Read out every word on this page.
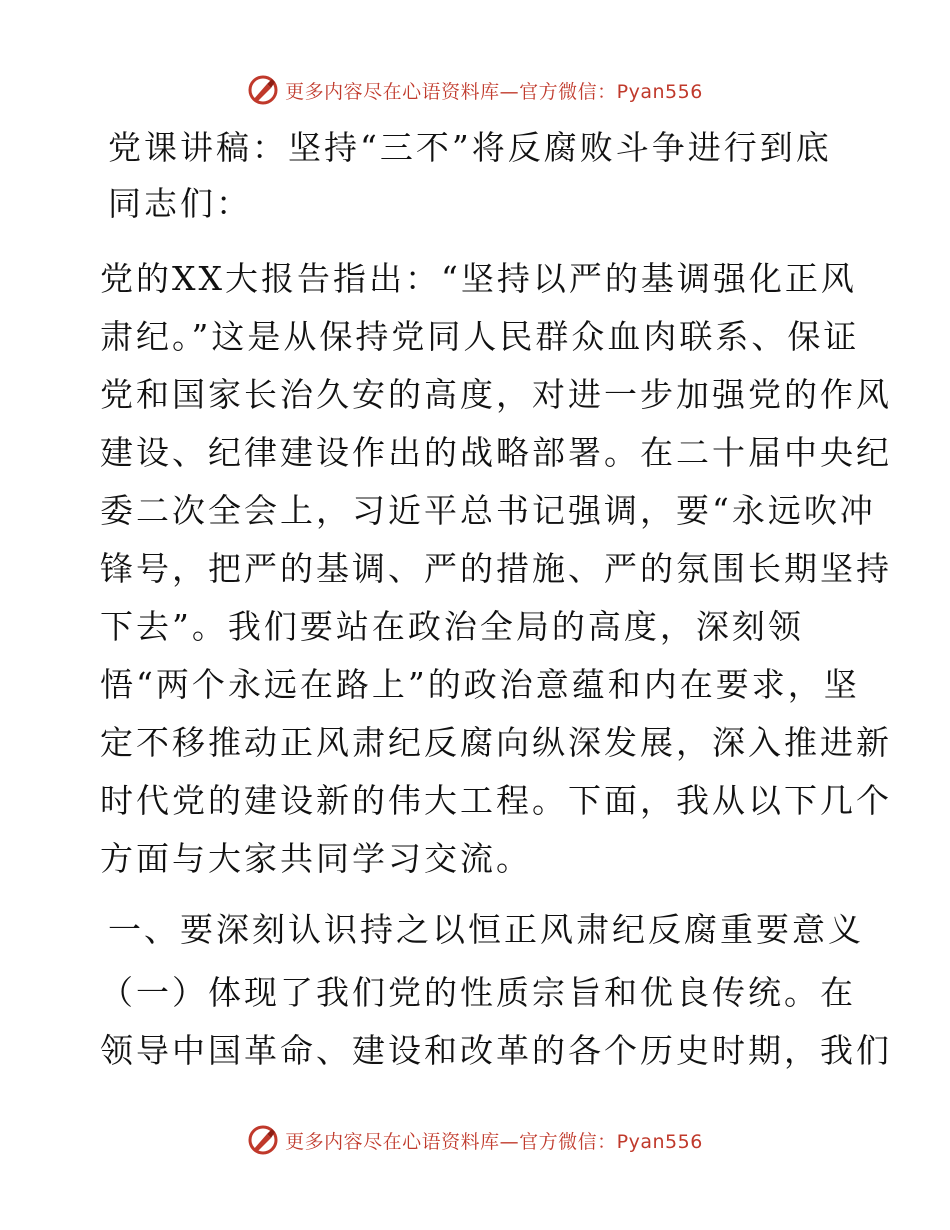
更多内容尽在心语资料库—官方微信：Pyan556
党课讲稿：坚持“三不”将反腐败斗争进行到底
同志们：
党的XX大报告指出：“坚持以严的基调强化正风
肃纪。”这是从保持党同人民群众血肉联系、保证
党和国家长治久安的高度，对进一步加强党的作风
建设、纪律建设作出的战略部署。在二十届中央纪
委二次全会上，习近平总书记强调，要“永远吹冲
锋号，把严的基调、严的措施、严的氛围长期坚持
下去”。我们要站在政治全局的高度，深刻领
悟“两个永远在路上”的政治意蕴和内在要求，坚
定不移推动正风肃纪反腐向纵深发展，深入推进新
时代党的建设新的伟大工程。下面，我从以下几个
方面与大家共同学习交流。
一、要深刻认识持之以恒正风肃纪反腐重要意义
（一）体现了我们党的性质宗旨和优良传统。在
领导中国革命、建设和改革的各个历史时期，我们
更多内容尽在心语资料库—官方微信：Pyan556
